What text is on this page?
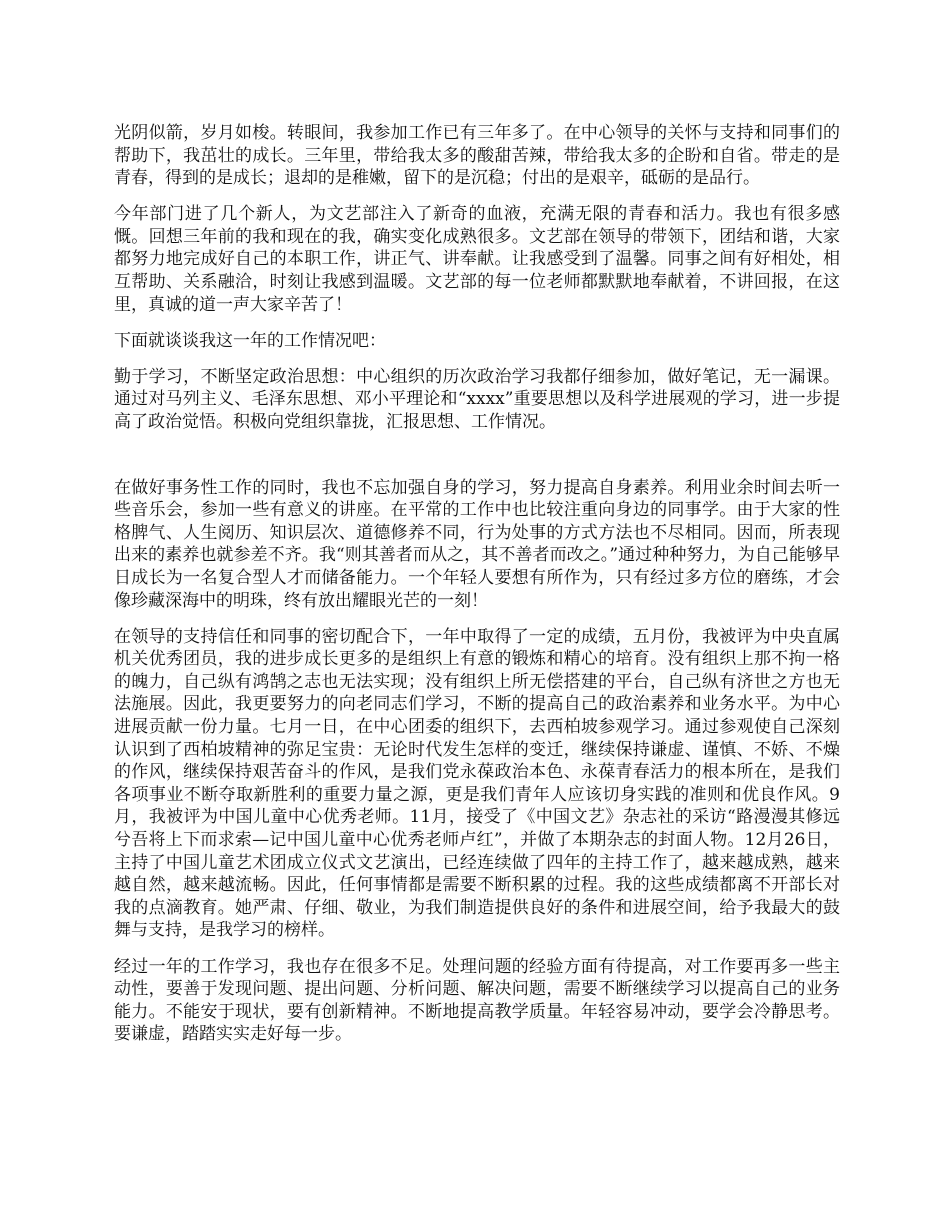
光阴似箭，岁月如梭。转眼间，我参加工作已有三年多了。在中心领导的关怀与支持和同事们的帮助下，我茁壮的成长。三年里，带给我太多的酸甜苦辣，带给我太多的企盼和自省。带走的是青春，得到的是成长；退却的是稚嫩，留下的是沉稳；付出的是艰辛，砥砺的是品行。

今年部门进了几个新人，为文艺部注入了新奇的血液，充满无限的青春和活力。我也有很多感慨。回想三年前的我和现在的我，确实变化成熟很多。文艺部在领导的带领下，团结和谐，大家都努力地完成好自己的本职工作，讲正气、讲奉献。让我感受到了温馨。同事之间有好相处，相互帮助、关系融洽，时刻让我感到温暖。文艺部的每一位老师都默默地奉献着，不讲回报，在这里，真诚的道一声大家辛苦了！

下面就谈谈我这一年的工作情况吧：

勤于学习，不断坚定政治思想：中心组织的历次政治学习我都仔细参加，做好笔记，无一漏课。通过对马列主义、毛泽东思想、邓小平理论和“xxxx”重要思想以及科学进展观的学习，进一步提高了政治觉悟。积极向党组织靠拢，汇报思想、工作情况。

在做好事务性工作的同时，我也不忘加强自身的学习，努力提高自身素养。利用业余时间去听一些音乐会，参加一些有意义的讲座。在平常的工作中也比较注重向身边的同事学。由于大家的性格脾气、人生阅历、知识层次、道德修养不同，行为处事的方式方法也不尽相同。因而，所表现出来的素养也就参差不齐。我“则其善者而从之，其不善者而改之。”通过种种努力，为自己能够早日成长为一名复合型人才而储备能力。一个年轻人要想有所作为，只有经过多方位的磨练，才会像珍藏深海中的明珠，终有放出耀眼光芒的一刻！

在领导的支持信任和同事的密切配合下，一年中取得了一定的成绩，五月份，我被评为中央直属机关优秀团员，我的进步成长更多的是组织上有意的锻炼和精心的培育。没有组织上那不拘一格的魄力，自己纵有鸿鹄之志也无法实现；没有组织上所无偿搭建的平台，自己纵有济世之方也无法施展。因此，我更要努力的向老同志们学习，不断的提高自己的政治素养和业务水平。为中心进展贡献一份力量。七月一日，在中心团委的组织下，去西柏坡参观学习。通过参观使自己深刻认识到了西柏坡精神的弥足宝贵：无论时代发生怎样的变迁，继续保持谦虚、谨慎、不娇、不燥的作风，继续保持艰苦奋斗的作风，是我们党永葆政治本色、永葆青春活力的根本所在，是我们各项事业不断夺取新胜利的重要力量之源，更是我们青年人应该切身实践的准则和优良作风。9月，我被评为中国儿童中心优秀老师。11月，接受了《中国文艺》杂志社的采访“路漫漫其修远兮吾将上下而求索—记中国儿童中心优秀老师卢红”，并做了本期杂志的封面人物。12月26日，主持了中国儿童艺术团成立仪式文艺演出，已经连续做了四年的主持工作了，越来越成熟，越来越自然，越来越流畅。因此，任何事情都是需要不断积累的过程。我的这些成绩都离不开部长对我的点滴教育。她严肃、仔细、敬业，为我们制造提供良好的条件和进展空间，给予我最大的鼓舞与支持，是我学习的榜样。

经过一年的工作学习，我也存在很多不足。处理问题的经验方面有待提高，对工作要再多一些主动性，要善于发现问题、提出问题、分析问题、解决问题，需要不断继续学习以提高自己的业务能力。不能安于现状，要有创新精神。不断地提高教学质量。年轻容易冲动，要学会冷静思考。要谦虚，踏踏实实走好每一步。
